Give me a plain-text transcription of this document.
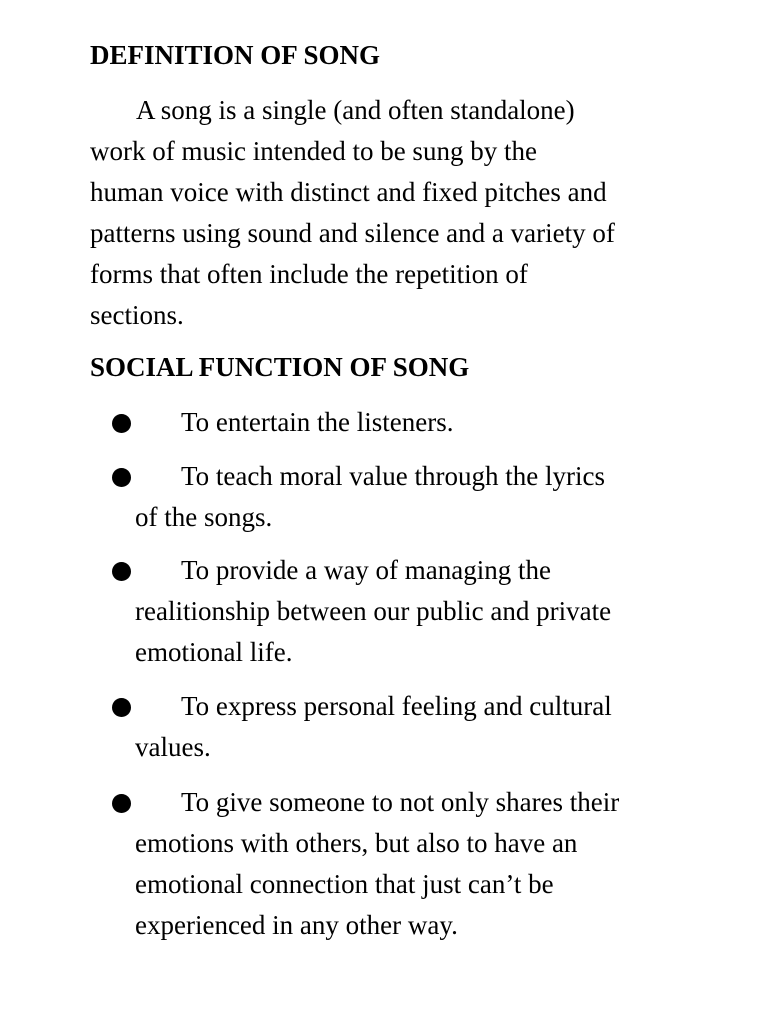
DEFINITION OF SONG
A song is a single (and often standalone)
work of music intended to be sung by the
human voice with distinct and fixed pitches and
patterns using sound and silence and a variety of
forms that often include the repetition of
sections.
SOCIAL FUNCTION OF SONG
To entertain the listeners.
To teach moral value through the lyrics
of the songs.
To provide a way of managing the
realitionship between our public and private
emotional life.
To express personal feeling and cultural
values.
To give someone to not only shares their
emotions with others, but also to have an
emotional connection that just can’t be
experienced in any other way.
